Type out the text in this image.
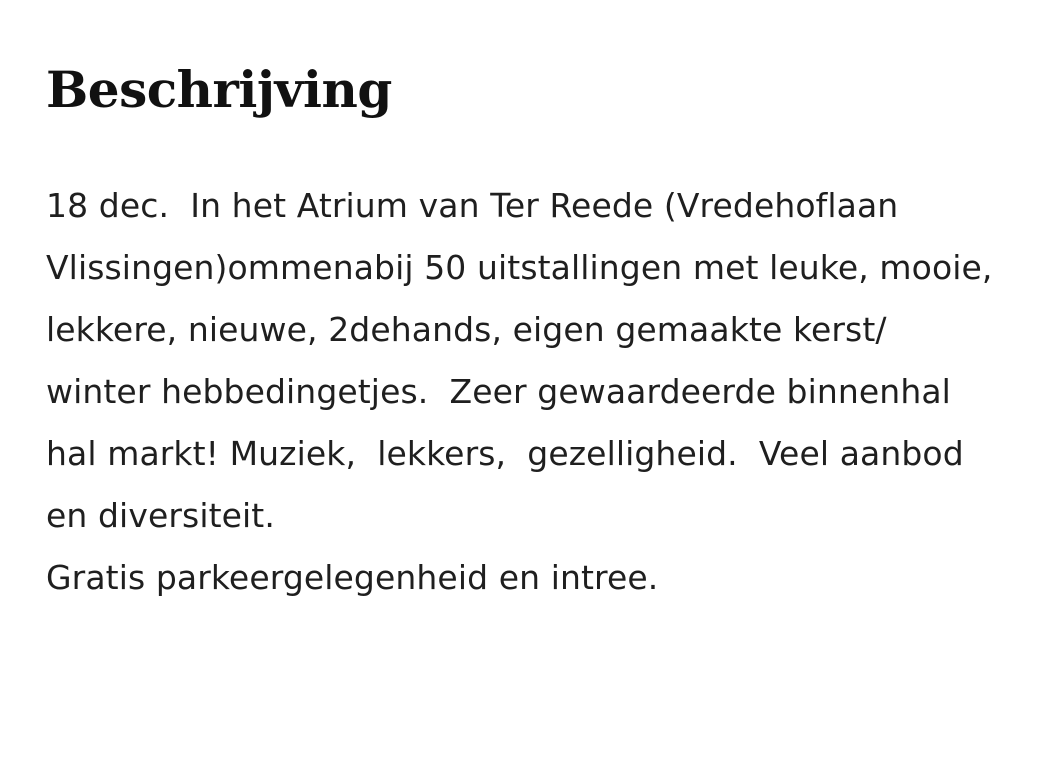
Beschrijving

18 dec.  In het Atrium van Ter Reede (Vredehoflaan Vlissingen)ommenabij 50 uitstallingen met leuke, mooie, lekkere, nieuwe, 2dehands, eigen gemaakte kerst/ winter hebbedingetjes.  Zeer gewaardeerde binnenhal hal markt! Muziek,  lekkers,  gezelligheid.  Veel aanbod en diversiteit.

Gratis parkeergelegenheid en intree.
